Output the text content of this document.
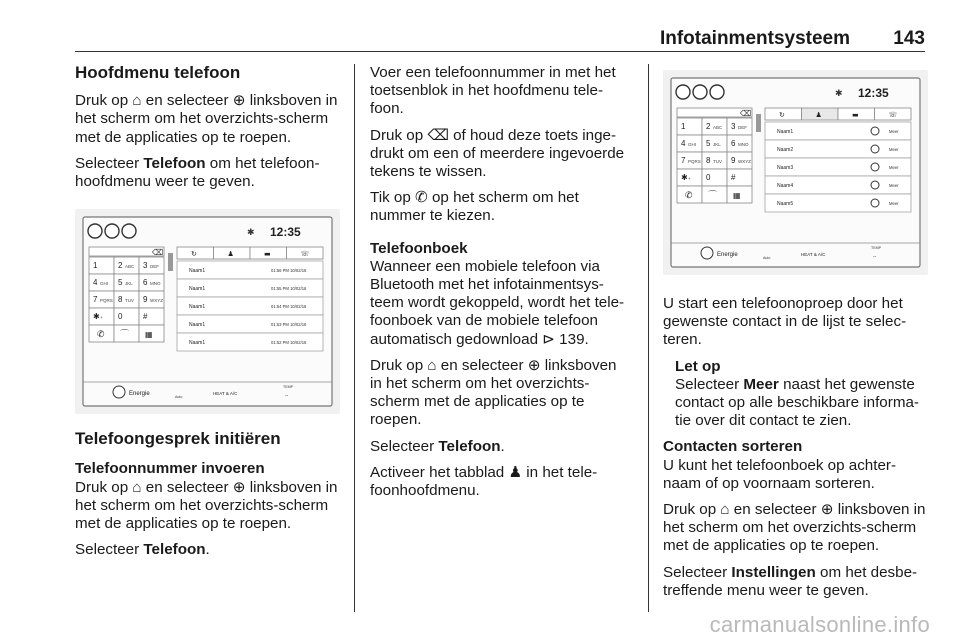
Infotainmentsysteem 143
Hoofdmenu telefoon
Druk op ⌂ en selecteer ⊕ linksboven in het scherm om het overzichts-scherm met de applicaties op te roepen.
Selecteer Telefoon om het telefoon-hoofdmenu weer te geven.
✱ 12:35
⌫
1	2 ABC 3 DEF
4 GHI 5 JKL 6 MNO
7 PQRS 8 TUV 9 WXYZ
✱ + 0	#
✆ ⌒ ▦
↻	♟	▬	☏
Naam1	01:56 PM 10/02/16
Naam1	01:55 PM 10/02/16
Naam1	01:54 PM 10/02/16
Naam1	01:53 PM 10/02/16
Naam1	01:52 PM 10/02/16
Energie	Auto
HEAT & A/C
TEMP
--
Telefoongesprek initiëren
Telefoonnummer invoeren
Druk op ⌂ en selecteer ⊕ linksboven in het scherm om het overzichts-scherm met de applicaties op te roepen.
Selecteer Telefoon.
Voer een telefoonnummer in met het toetsenblok in het hoofdmenu tele-foon.
Druk op ⌫ of houd deze toets inge-drukt om een of meerdere ingevoerde tekens te wissen.
Tik op ✆ op het scherm om het nummer te kiezen.
Telefoonboek
Wanneer een mobiele telefoon via Bluetooth met het infotainmentsys-teem wordt gekoppeld, wordt het tele-foonboek van de mobiele telefoon automatisch gedownload ⊳ 139.
Druk op ⌂ en selecteer ⊕ linksboven in het scherm om het overzichts-scherm met de applicaties op te roepen.
Selecteer Telefoon.
Activeer het tabblad ♟ in het tele-foonhoofdmenu.
✱ 12:35
⌫
1	2 ABC 3 DEF
4 GHI 5 JKL 6 MNO
7 PQRS 8 TUV 9 WXYZ
✱ + 0	#
✆ ⌒ ▦
↻	♟	▬	☏
Naam1	Meer
Naam2	Meer
Naam3	Meer
Naam4	Meer
Naam5	Meer
Energie	Auto
HEAT & A/C
TEMP
--
U start een telefoonoproep door het gewenste contact in de lijst te selec-teren.
Let op
Selecteer Meer naast het gewenste contact op alle beschikbare informa-tie over dit contact te zien.
Contacten sorteren
U kunt het telefoonboek op achter-naam of op voornaam sorteren.
Druk op ⌂ en selecteer ⊕ linksboven in het scherm om het overzichts-scherm met de applicaties op te roepen.
Selecteer Instellingen om het desbe-treffende menu weer te geven.
carmanualsonline.info
